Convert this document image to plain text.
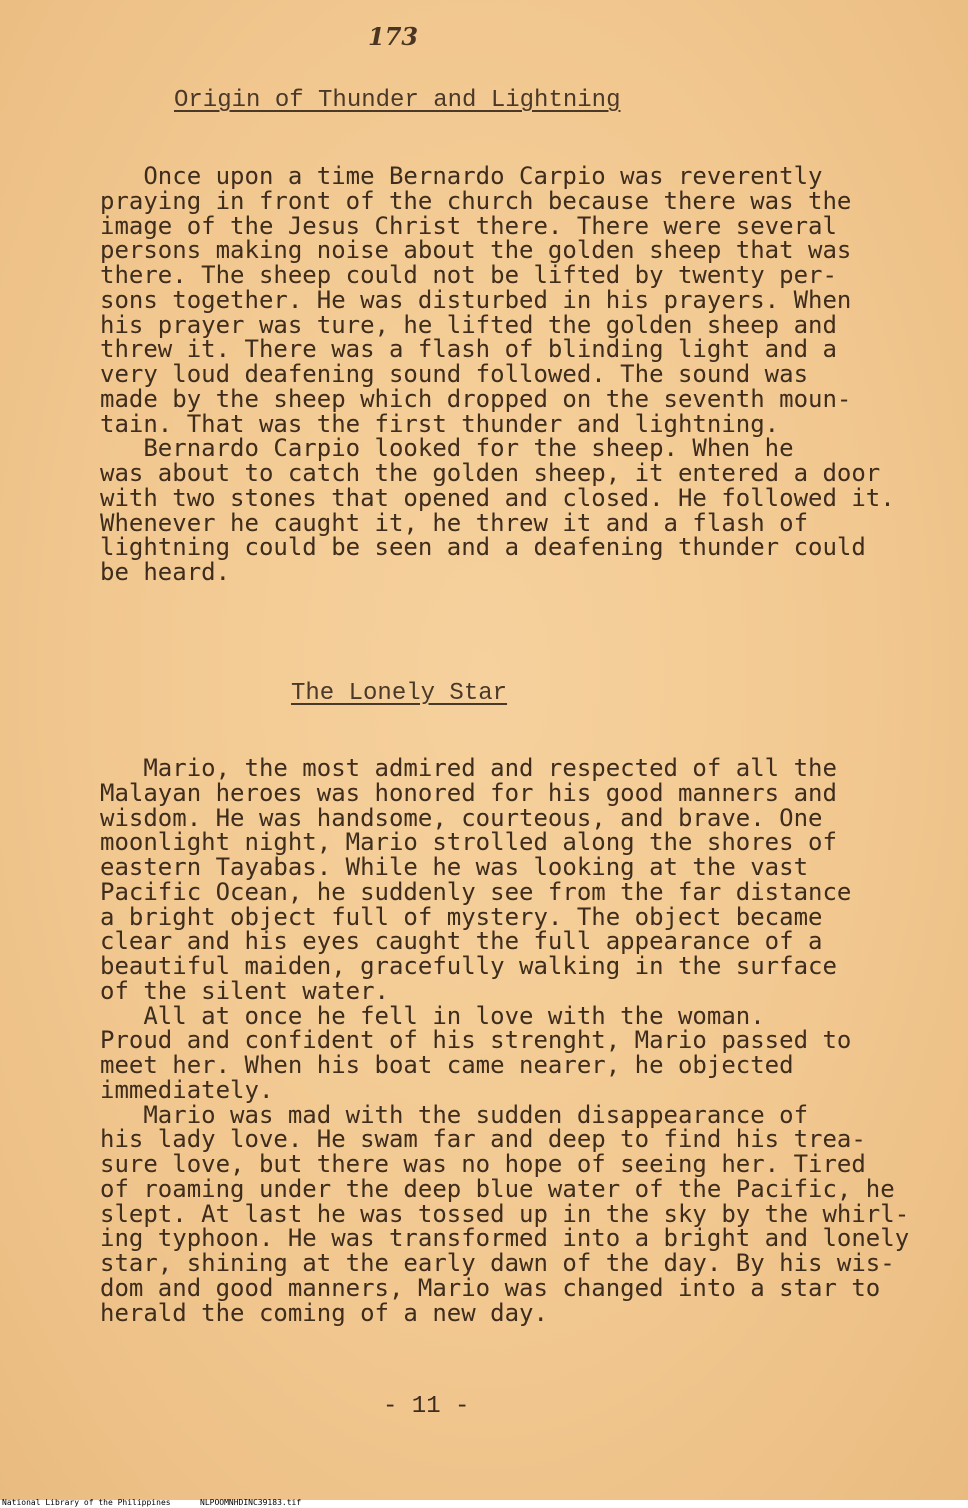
173
Origin of Thunder and Lightning
Once upon a time Bernardo Carpio was reverently
praying in front of the church because there was the
image of the Jesus Christ there. There were several
persons making noise about the golden sheep that was
there. The sheep could not be lifted by twenty per-
sons together. He was disturbed in his prayers. When
his prayer was ture, he lifted the golden sheep and
threw it. There was a flash of blinding light and a
very loud deafening sound followed. The sound was
made by the sheep which dropped on the seventh moun-
tain. That was the first thunder and lightning.
Bernardo Carpio looked for the sheep. When he
was about to catch the golden sheep, it entered a door
with two stones that opened and closed. He followed it.
Whenever he caught it, he threw it and a flash of
lightning could be seen and a deafening thunder could
be heard.
The Lonely Star
Mario, the most admired and respected of all the
Malayan heroes was honored for his good manners and
wisdom. He was handsome, courteous, and brave. One
moonlight night, Mario strolled along the shores of
eastern Tayabas. While he was looking at the vast
Pacific Ocean, he suddenly see from the far distance
a bright object full of mystery. The object became
clear and his eyes caught the full appearance of a
beautiful maiden, gracefully walking in the surface
of the silent water.
All at once he fell in love with the woman.
Proud and confident of his strenght, Mario passed to
meet her. When his boat came nearer, he objected
immediately.
Mario was mad with the sudden disappearance of
his lady love. He swam far and deep to find his trea-
sure love, but there was no hope of seeing her. Tired
of roaming under the deep blue water of the Pacific, he
slept. At last he was tossed up in the sky by the whirl-
ing typhoon. He was transformed into a bright and lonely
star, shining at the early dawn of the day. By his wis-
dom and good manners, Mario was changed into a star to
herald the coming of a new day.
- 11 -
National Library of the Philippines	NLPOOMNHDINC39183.tif
